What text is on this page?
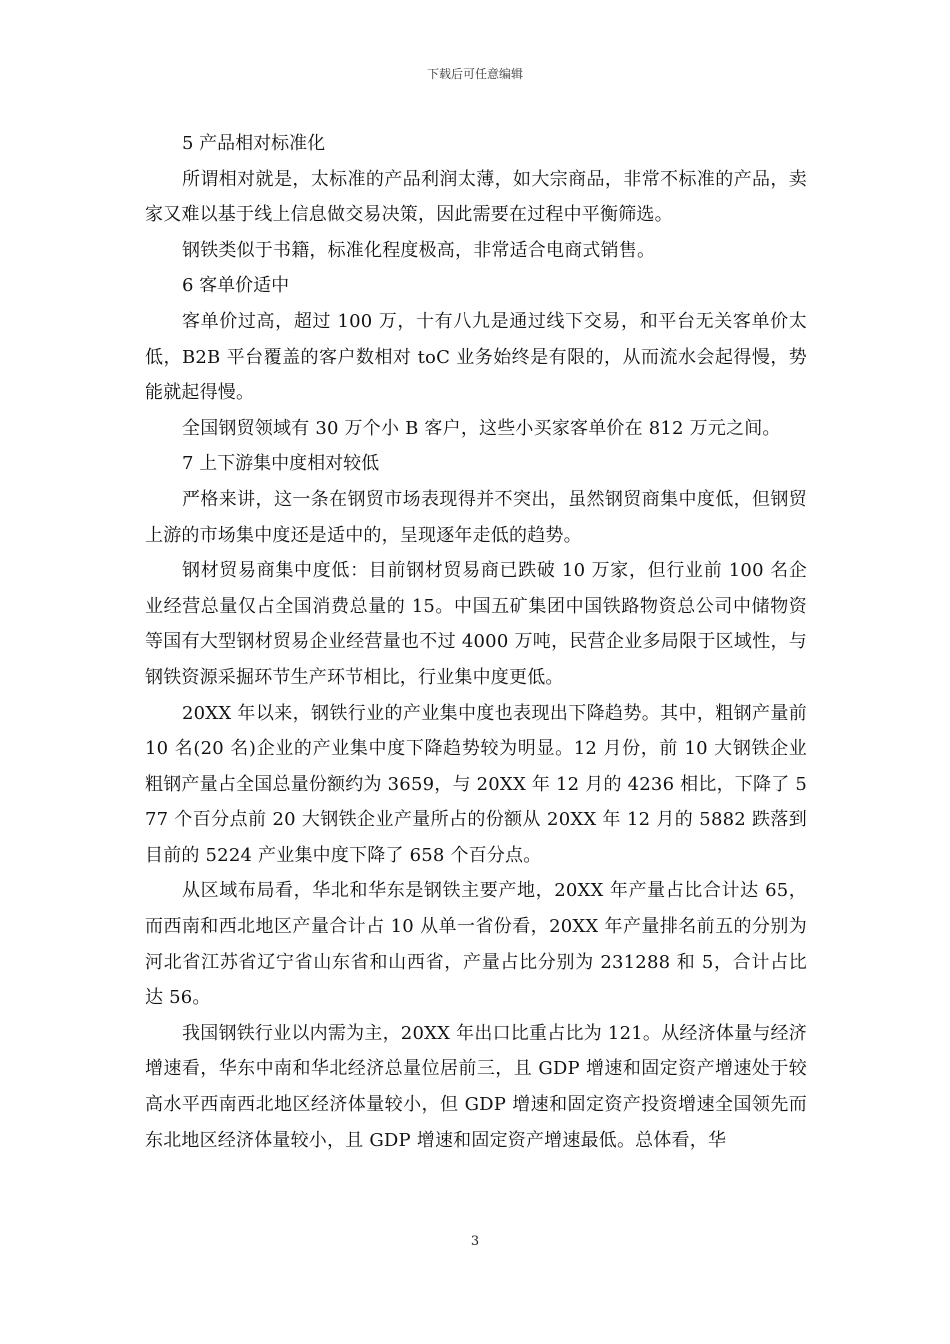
下载后可任意编辑

5 产品相对标准化

所谓相对就是，太标准的产品利润太薄，如大宗商品，非常不标准的产品，卖家又难以基于线上信息做交易决策，因此需要在过程中平衡筛选。

钢铁类似于书籍，标准化程度极高，非常适合电商式销售。

6 客单价适中

客单价过高，超过 100 万，十有八九是通过线下交易，和平台无关客单价太低，B2B 平台覆盖的客户数相对 toC 业务始终是有限的，从而流水会起得慢，势能就起得慢。

全国钢贸领域有 30 万个小 B 客户，这些小买家客单价在 812 万元之间。

7 上下游集中度相对较低

严格来讲，这一条在钢贸市场表现得并不突出，虽然钢贸商集中度低，但钢贸上游的市场集中度还是适中的，呈现逐年走低的趋势。

钢材贸易商集中度低：目前钢材贸易商已跌破 10 万家，但行业前 100 名企业经营总量仅占全国消费总量的 15。中国五矿集团中国铁路物资总公司中储物资等国有大型钢材贸易企业经营量也不过 4000 万吨，民营企业多局限于区域性，与钢铁资源采掘环节生产环节相比，行业集中度更低。

20XX 年以来，钢铁行业的产业集中度也表现出下降趋势。其中，粗钢产量前 10 名(20 名)企业的产业集中度下降趋势较为明显。12 月份，前 10 大钢铁企业粗钢产量占全国总量份额约为 3659，与 20XX 年 12 月的 4236 相比，下降了 577 个百分点前 20 大钢铁企业产量所占的份额从 20XX 年 12 月的 5882 跌落到目前的 5224 产业集中度下降了 658 个百分点。

从区域布局看，华北和华东是钢铁主要产地，20XX 年产量占比合计达 65，而西南和西北地区产量合计占 10 从单一省份看，20XX 年产量排名前五的分别为河北省江苏省辽宁省山东省和山西省，产量占比分别为 231288 和 5，合计占比达 56。

我国钢铁行业以内需为主，20XX 年出口比重占比为 121。从经济体量与经济增速看，华东中南和华北经济总量位居前三，且 GDP 增速和固定资产增速处于较高水平西南西北地区经济体量较小，但 GDP 增速和固定资产投资增速全国领先而东北地区经济体量较小，且 GDP 增速和固定资产增速最低。总体看，华

3
